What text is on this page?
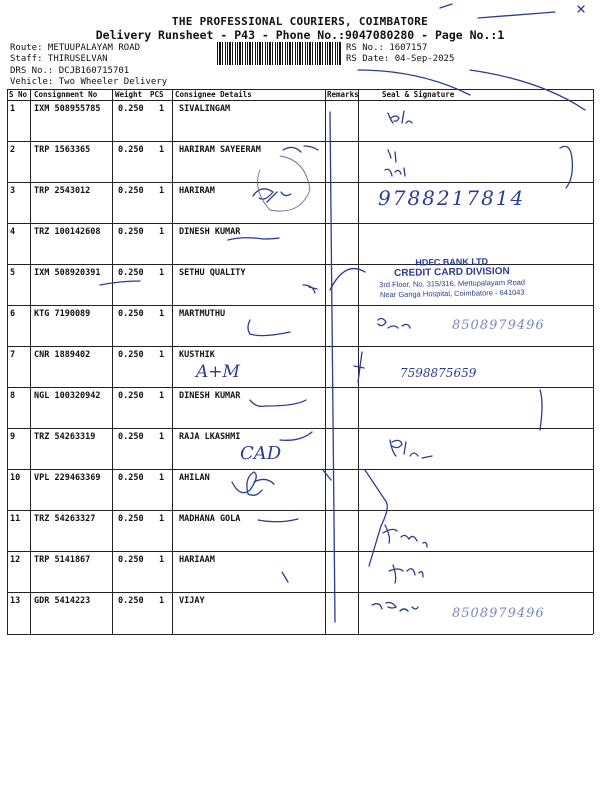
THE PROFESSIONAL COURIERS, COIMBATORE
Delivery Runsheet - P43 - Phone No.:9047080280 - Page No.:1
Route: METUUPALAYAM ROAD
Staff: THIRUSELVAN
DRS No.: DCJB160715701
Vehicle: Two Wheeler Delivery
RS No.: 1607157
RS Date: 04-Sep-2025
S No Consignment No Weight PCS Consignee Details	Remarks	Seal & Signature
1 IXM 508955785 0.250 1 SIVALINGAM
2 TRP 1563365	0.250 1 HARIRAM SAYEERAM
3 TRP 2543012	0.250 1 HARIRAM
4 TRZ 100142608 0.250 1 DINESH KUMAR
5 IXM 508920391 0.250 1 SETHU QUALITY
6 KTG 7190089	0.250 1 MARTMUTHU
7 CNR 1889402	0.250 1 KUSTHIK
8 NGL 100320942 0.250 1 DINESH KUMAR
9 TRZ 54263319	0.250 1 RAJA LKASHMI
10 VPL 229463369 0.250 1 AHILAN
11 TRZ 54263327	0.250 1 MADHANA GOLA
12 TRP 5141867	0.250 1 HARIAAM
13 GDR 5414223	0.250 1 VIJAY
HDFC BANK LTD
CREDIT CARD DIVISION
3rd Floor, No. 315/316, Mettupalayam Road
Near Ganga Hospital, Coimbatore - 641043
9788217814
8508979496
7598875659
8508979496
A+M
CAD
